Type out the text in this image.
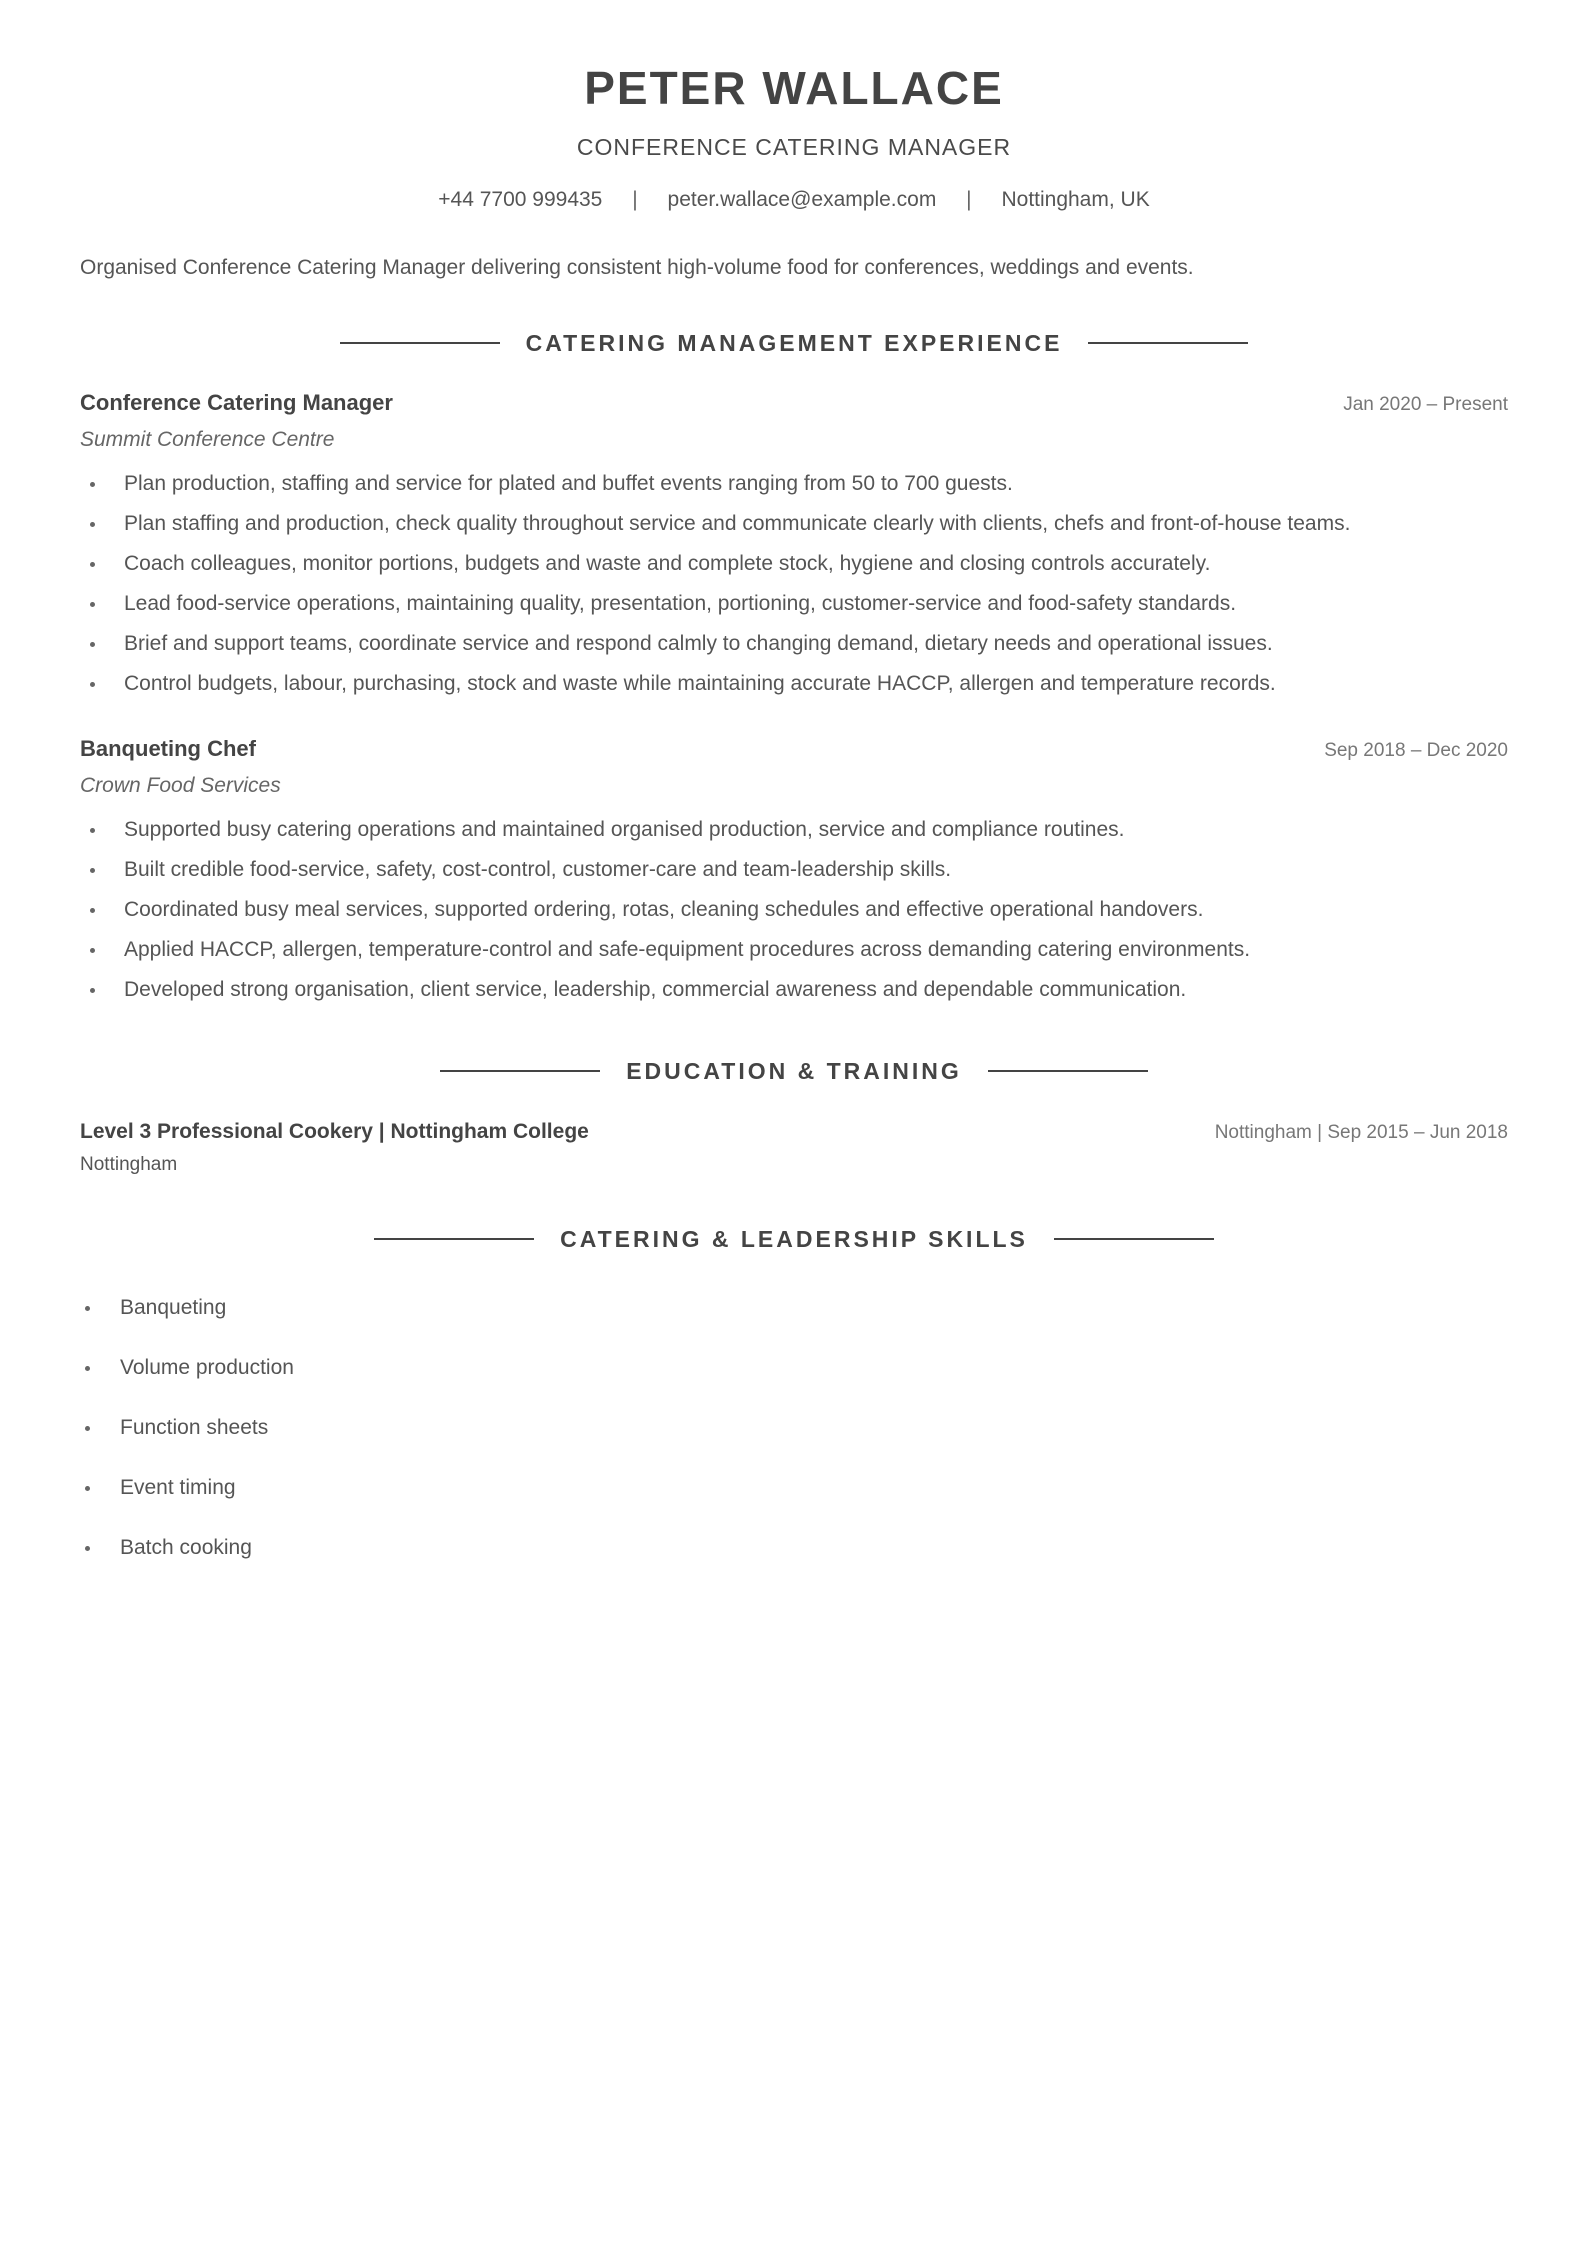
PETER WALLACE
CONFERENCE CATERING MANAGER
+44 7700 999435 | peter.wallace@example.com | Nottingham, UK

Organised Conference Catering Manager delivering consistent high-volume food for conferences, weddings and events.

CATERING MANAGEMENT EXPERIENCE
Conference Catering Manager	Jan 2020 – Present
Summit Conference Centre
Plan production, staffing and service for plated and buffet events ranging from 50 to 700 guests.
Plan staffing and production, check quality throughout service and communicate clearly with clients, chefs and front-of-house teams.
Coach colleagues, monitor portions, budgets and waste and complete stock, hygiene and closing controls accurately.
Lead food-service operations, maintaining quality, presentation, portioning, customer-service and food-safety standards.
Brief and support teams, coordinate service and respond calmly to changing demand, dietary needs and operational issues.
Control budgets, labour, purchasing, stock and waste while maintaining accurate HACCP, allergen and temperature records.
Banqueting Chef	Sep 2018 – Dec 2020
Crown Food Services
Supported busy catering operations and maintained organised production, service and compliance routines.
Built credible food-service, safety, cost-control, customer-care and team-leadership skills.
Coordinated busy meal services, supported ordering, rotas, cleaning schedules and effective operational handovers.
Applied HACCP, allergen, temperature-control and safe-equipment procedures across demanding catering environments.
Developed strong organisation, client service, leadership, commercial awareness and dependable communication.
EDUCATION & TRAINING
Level 3 Professional Cookery | Nottingham College	Nottingham | Sep 2015 – Jun 2018
Nottingham
CATERING & LEADERSHIP SKILLS
Banqueting
Volume production
Function sheets
Event timing
Batch cooking
